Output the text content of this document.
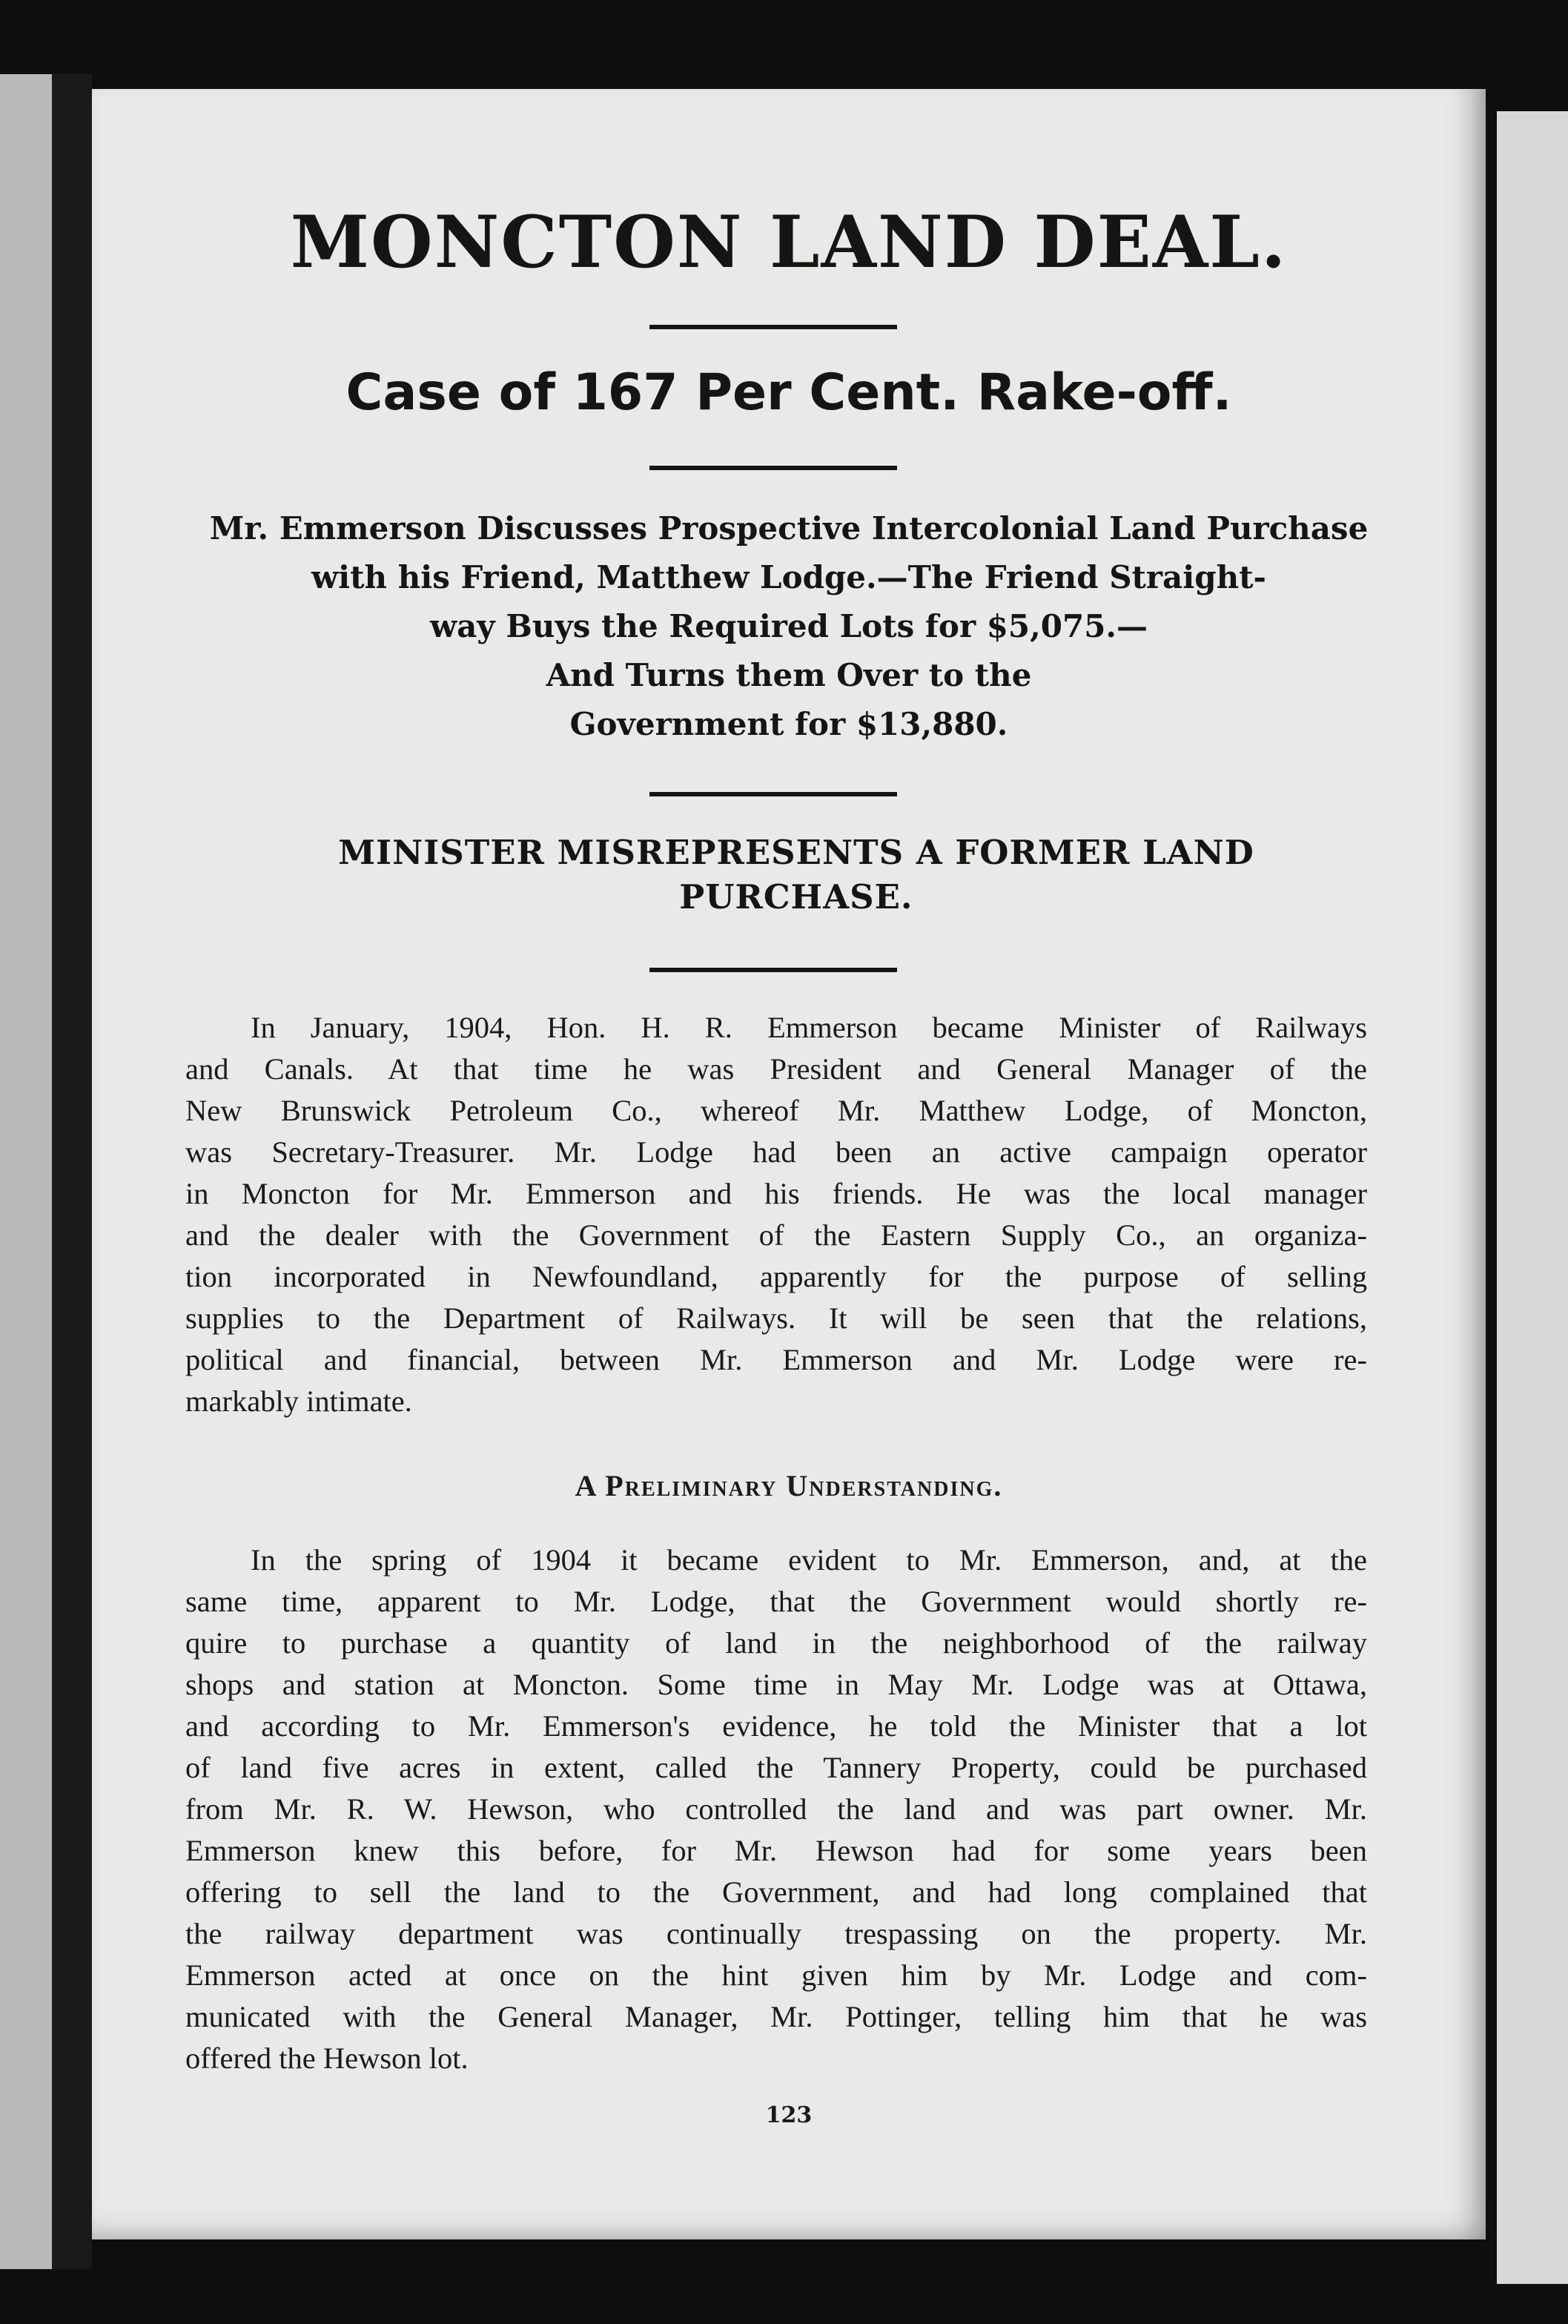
MONCTON LAND DEAL.
Case of 167 Per Cent. Rake-off.

Mr. Emmerson Discusses Prospective Intercolonial Land Purchase
with his Friend, Matthew Lodge.—The Friend Straight-
way Buys the Required Lots for $5,075.—
And Turns them Over to the
Government for $13,880.

MINISTER MISREPRESENTS A FORMER LAND
PURCHASE.

In January, 1904, Hon. H. R. Emmerson became Minister of Railways
and Canals. At that time he was President and General Manager of the
New Brunswick Petroleum Co., whereof Mr. Matthew Lodge, of Moncton,
was Secretary-Treasurer. Mr. Lodge had been an active campaign operator
in Moncton for Mr. Emmerson and his friends. He was the local manager
and the dealer with the Government of the Eastern Supply Co., an organiza-
tion incorporated in Newfoundland, apparently for the purpose of selling
supplies to the Department of Railways. It will be seen that the relations,
political and financial, between Mr. Emmerson and Mr. Lodge were re-
markably intimate.

A Preliminary Understanding.

In the spring of 1904 it became evident to Mr. Emmerson, and, at the
same time, apparent to Mr. Lodge, that the Government would shortly re-
quire to purchase a quantity of land in the neighborhood of the railway
shops and station at Moncton. Some time in May Mr. Lodge was at Ottawa,
and according to Mr. Emmerson's evidence, he told the Minister that a lot
of land five acres in extent, called the Tannery Property, could be purchased
from Mr. R. W. Hewson, who controlled the land and was part owner. Mr.
Emmerson knew this before, for Mr. Hewson had for some years been
offering to sell the land to the Government, and had long complained that
the railway department was continually trespassing on the property. Mr.
Emmerson acted at once on the hint given him by Mr. Lodge and com-
municated with the General Manager, Mr. Pottinger, telling him that he was
offered the Hewson lot.

123
